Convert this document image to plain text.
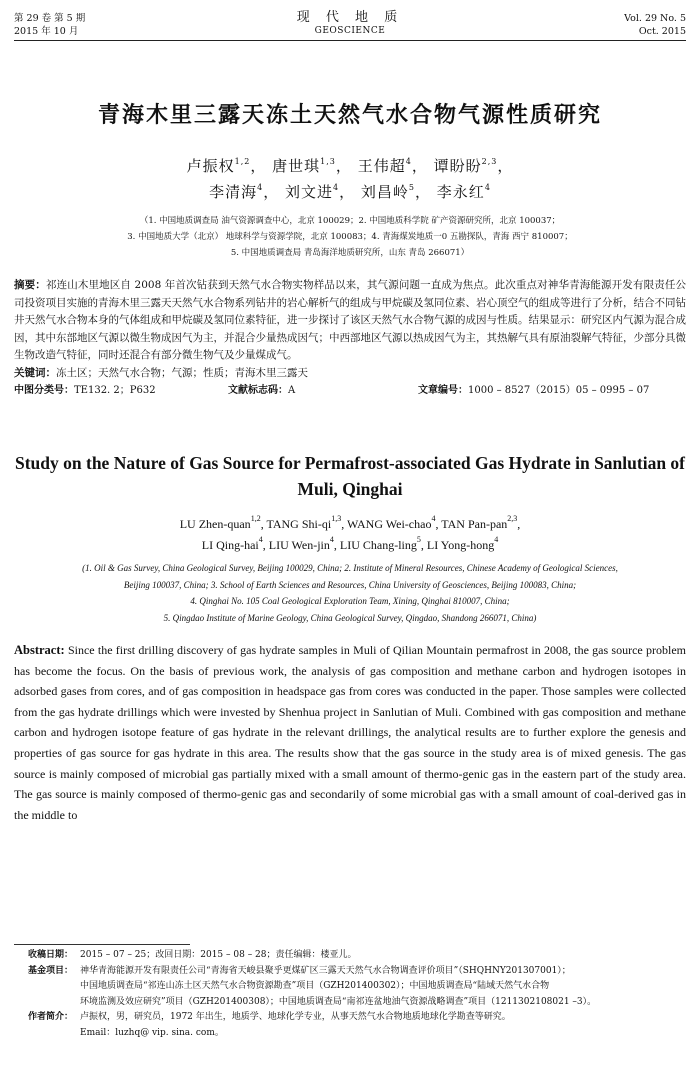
第 29 卷 第 5 期
2015 年 10 月
现 代 地 质
GEOSCIENCE
Vol. 29 No. 5
Oct. 2015
青海木里三露天冻土天然气水合物气源性质研究
卢振权$^{1,2}$， 唐世琪$^{1,3}$， 王伟超$^4$， 谭盼盼$^{2,3}$，
李清海$^4$， 刘文进$^4$， 刘昌岭$^5$， 李永红$^4$
（1. 中国地质调查局 油气资源调查中心，北京 100029；2. 中国地质科学院 矿产资源研究所，北京 100037；
3. 中国地质大学（北京） 地球科学与资源学院，北京 100083；4. 青海煤炭地质一0 五勘探队，青海 西宁 810007；
5. 中国地质调查局 青岛海洋地质研究所，山东 青岛 266071）
摘要：祁连山木里地区自 2008 年首次钻获到天然气水合物实物样品以来，其气源问题一直成为焦点。此次重点对神华青海能源开发有限责任公司投资项目实施的青海木里三露天天然气水合物系列钻井的岩心解析气的组成与甲烷碳及氢同位素、岩心顶空气的组成等进行了分析，结合不同钻井天然气水合物本身的气体组成和甲烷碳及氢同位素特征，进一步探讨了该区天然气水合物气源的成因与性质。结果显示：研究区内气源为混合成因，其中东部地区气源以微生物成因气为主，并混合少量热成因气；中西部地区气源以热成因气为主，其热解气具有原油裂解气特征，少部分具微生物改造气特征，同时还混合有部分微生物气及少量煤成气。
关键词：冻土区；天然气水合物；气源；性质；青海木里三露天
中图分类号：TE132. 2；P632	文献标志码：A	文章编号：1000 – 8527（2015）05 – 0995 – 07
Study on the Nature of Gas Source for Permafrost-associated Gas Hydrate in Sanlutian of Muli, Qinghai
LU Zhen-quan$^{1,2}$, TANG Shi-qi$^{1,3}$, WANG Wei-chao$^4$, TAN Pan-pan$^{2,3}$,
LI Qing-hai$^4$, LIU Wen-jin$^4$, LIU Chang-ling$^5$, LI Yong-hong$^4$
(1. Oil & Gas Survey, China Geological Survey, Beijing 100029, China; 2. Institute of Mineral Resources, Chinese Academy of Geological Sciences,
Beijing 100037, China; 3. School of Earth Sciences and Resources, China University of Geosciences, Beijing 100083, China;
4. Qinghai No. 105 Coal Geological Exploration Team, Xining, Qinghai 810007, China;
5. Qingdao Institute of Marine Geology, China Geological Survey, Qingdao, Shandong 266071, China)
Abstract: Since the first drilling discovery of gas hydrate samples in Muli of Qilian Mountain permafrost in 2008, the gas source problem has become the focus. On the basis of previous work, the analysis of gas composition and methane carbon and hydrogen isotopes in adsorbed gases from cores, and of gas composition in headspace gas from cores was conducted in the paper. Those samples were collected from the gas hydrate drillings which were invested by Shenhua project in Sanlutian of Muli. Combined with gas composition and methane carbon and hydrogen isotope feature of gas hydrate in the relevant drillings, the analytical results are to further explore the genesis and properties of gas source for gas hydrate in this area. The results show that the gas source in the study area is of mixed genesis. The gas source is mainly composed of microbial gas partially mixed with a small amount of thermo-genic gas in the eastern part of the study area. The gas source is mainly composed of thermo-genic gas and secondarily of some microbial gas with a small amount of coal-derived gas in the middle to
收稿日期： 2015 – 07 – 25；改回日期：2015 – 08 – 28；责任编辑：楼亚儿。
基金项目： 神华青海能源开发有限责任公司“青海省天峻县聚乎更煤矿区三露天天然气水合物调查评价项目”（SHQHNY201307001）；
中国地质调查局“祁连山冻土区天然气水合物资源勘查”项目（GZH201400302）；中国地质调查局“陆域天然气水合物
环境监测及效应研究”项目（GZH201400308）；中国地质调查局“南祁连盆地油气资源战略调查”项目（1211302108021 –3）。
作者简介： 卢振权，男，研究员，1972 年出生，地质学、地球化学专业，从事天然气水合物地质地球化学勘查等研究。
Email：luzhq@ vip. sina. com。
